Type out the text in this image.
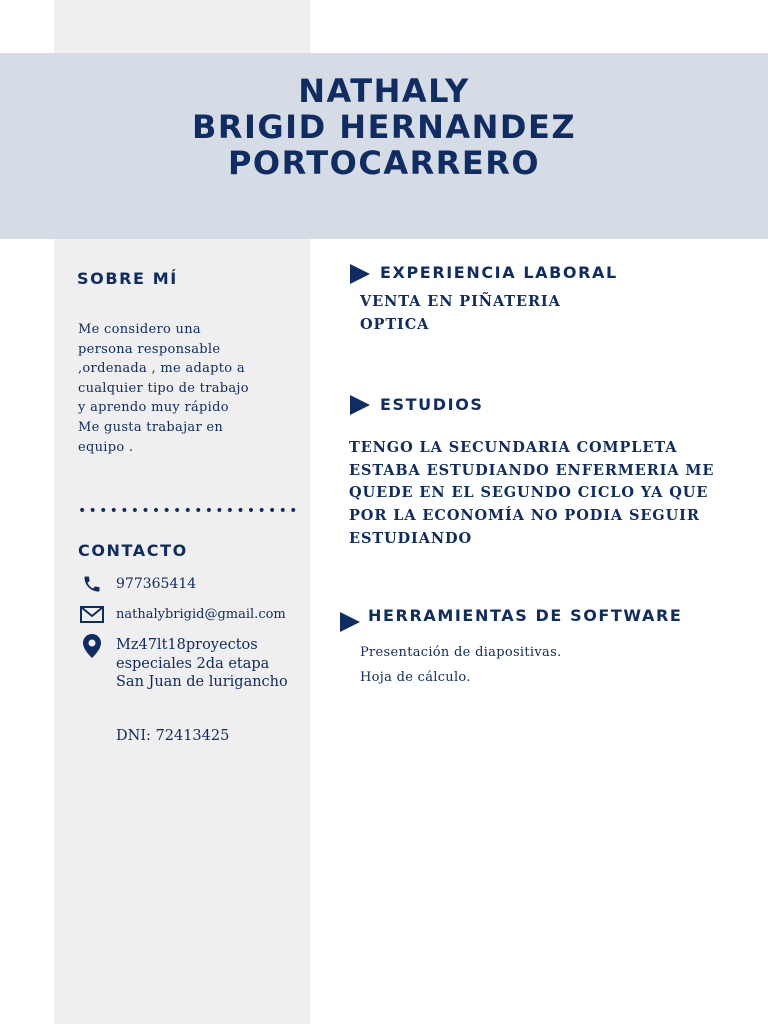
NATHALY
BRIGID HERNANDEZ
PORTOCARRERO
SOBRE MÍ
Me considero una
persona responsable
,ordenada , me adapto a
cualquier tipo de trabajo
y aprendo muy rápido
Me gusta trabajar en
equipo .
•••••••••••••••••••••
CONTACTO
977365414
nathalybrigid@gmail.com
Mz47lt18proyectos
especiales 2da etapa
San Juan de lurigancho
DNI: 72413425
EXPERIENCIA LABORAL
VENTA EN PIÑATERIA
OPTICA
ESTUDIOS
TENGO LA SECUNDARIA COMPLETA
ESTABA ESTUDIANDO ENFERMERIA ME
QUEDE EN EL SEGUNDO CICLO YA QUE
POR LA ECONOMÍA NO PODIA SEGUIR
ESTUDIANDO
HERRAMIENTAS DE SOFTWARE
Presentación de diapositivas.
Hoja de cálculo.
